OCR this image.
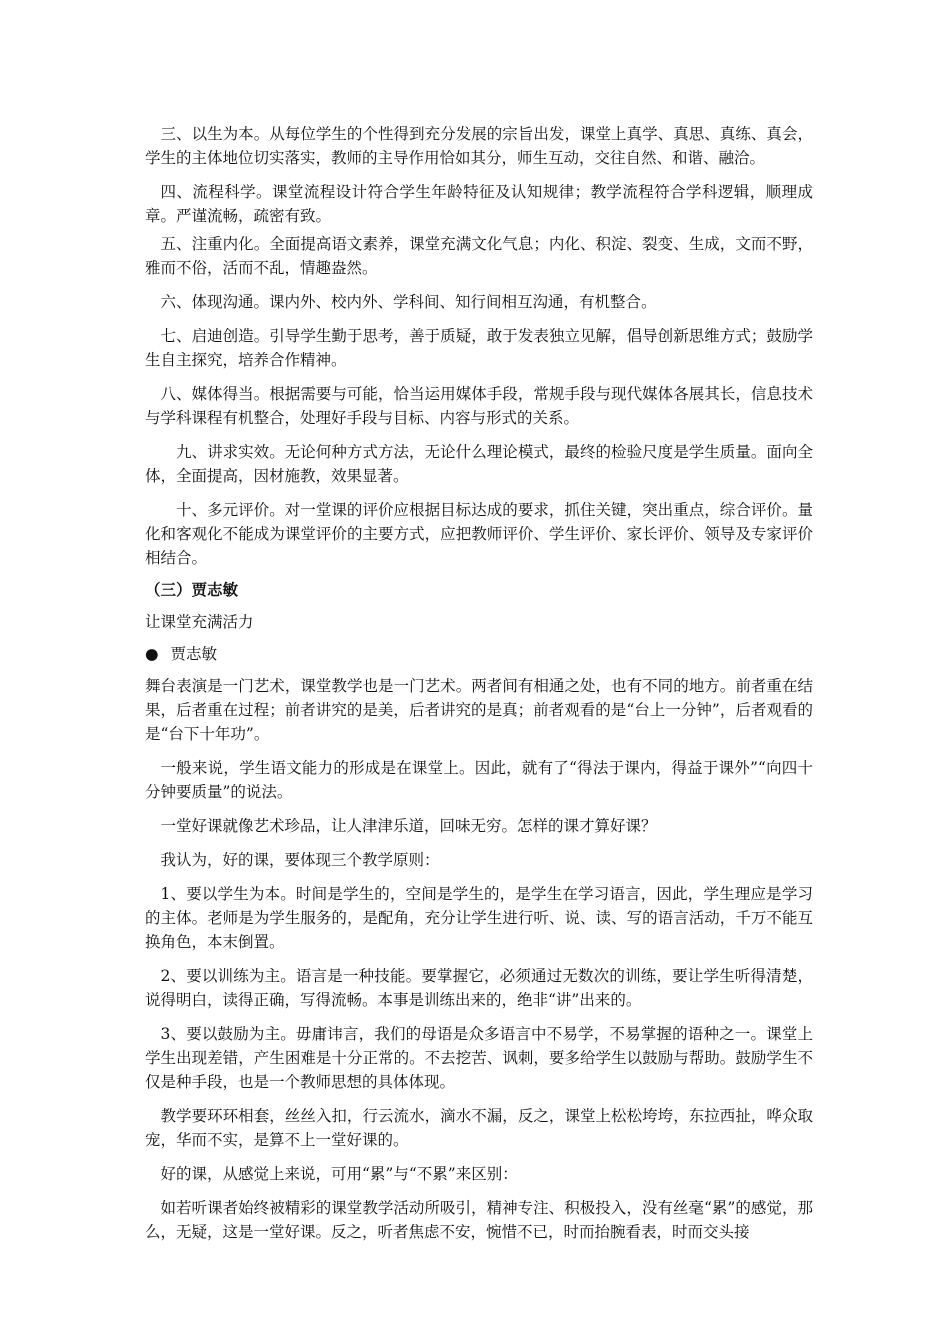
三、以生为本。从每位学生的个性得到充分发展的宗旨出发，课堂上真学、真思、真练、真会，学生的主体地位切实落实，教师的主导作用恰如其分，师生互动，交往自然、和谐、融洽。

四、流程科学。课堂流程设计符合学生年龄特征及认知规律；教学流程符合学科逻辑，顺理成章。严谨流畅，疏密有致。

五、注重内化。全面提高语文素养，课堂充满文化气息；内化、积淀、裂变、生成，文而不野，雅而不俗，活而不乱，情趣盎然。

六、体现沟通。课内外、校内外、学科间、知行间相互沟通，有机整合。

七、启迪创造。引导学生勤于思考，善于质疑，敢于发表独立见解，倡导创新思维方式；鼓励学生自主探究，培养合作精神。

八、媒体得当。根据需要与可能，恰当运用媒体手段，常规手段与现代媒体各展其长，信息技术与学科课程有机整合，处理好手段与目标、内容与形式的关系。

九、讲求实效。无论何种方式方法，无论什么理论模式，最终的检验尺度是学生质量。面向全体，全面提高，因材施教，效果显著。

十、多元评价。对一堂课的评价应根据目标达成的要求，抓住关键，突出重点，综合评价。量化和客观化不能成为课堂评价的主要方式，应把教师评价、学生评价、家长评价、领导及专家评价相结合。

（三）贾志敏

让课堂充满活力

● 贾志敏

舞台表演是一门艺术，课堂教学也是一门艺术。两者间有相通之处，也有不同的地方。前者重在结果，后者重在过程；前者讲究的是美，后者讲究的是真；前者观看的是“台上一分钟”，后者观看的是“台下十年功”。

一般来说，学生语文能力的形成是在课堂上。因此，就有了“得法于课内，得益于课外”“向四十分钟要质量”的说法。

一堂好课就像艺术珍品，让人津津乐道，回味无穷。怎样的课才算好课？

我认为，好的课，要体现三个教学原则：

1、要以学生为本。时间是学生的，空间是学生的，是学生在学习语言，因此，学生理应是学习的主体。老师是为学生服务的，是配角，充分让学生进行听、说、读、写的语言活动，千万不能互换角色，本末倒置。

2、要以训练为主。语言是一种技能。要掌握它，必须通过无数次的训练，要让学生听得清楚，说得明白，读得正确，写得流畅。本事是训练出来的，绝非“讲”出来的。

3、要以鼓励为主。毋庸讳言，我们的母语是众多语言中不易学，不易掌握的语种之一。课堂上学生出现差错，产生困难是十分正常的。不去挖苦、讽刺，要多给学生以鼓励与帮助。鼓励学生不仅是种手段，也是一个教师思想的具体体现。

教学要环环相套，丝丝入扣，行云流水，滴水不漏，反之，课堂上松松垮垮，东拉西扯，哗众取宠，华而不实，是算不上一堂好课的。

好的课，从感觉上来说，可用“累”与“不累”来区别：

如若听课者始终被精彩的课堂教学活动所吸引，精神专注、积极投入，没有丝毫“累”的感觉，那么，无疑，这是一堂好课。反之，听者焦虑不安，惋惜不已，时而抬腕看表，时而交头接
